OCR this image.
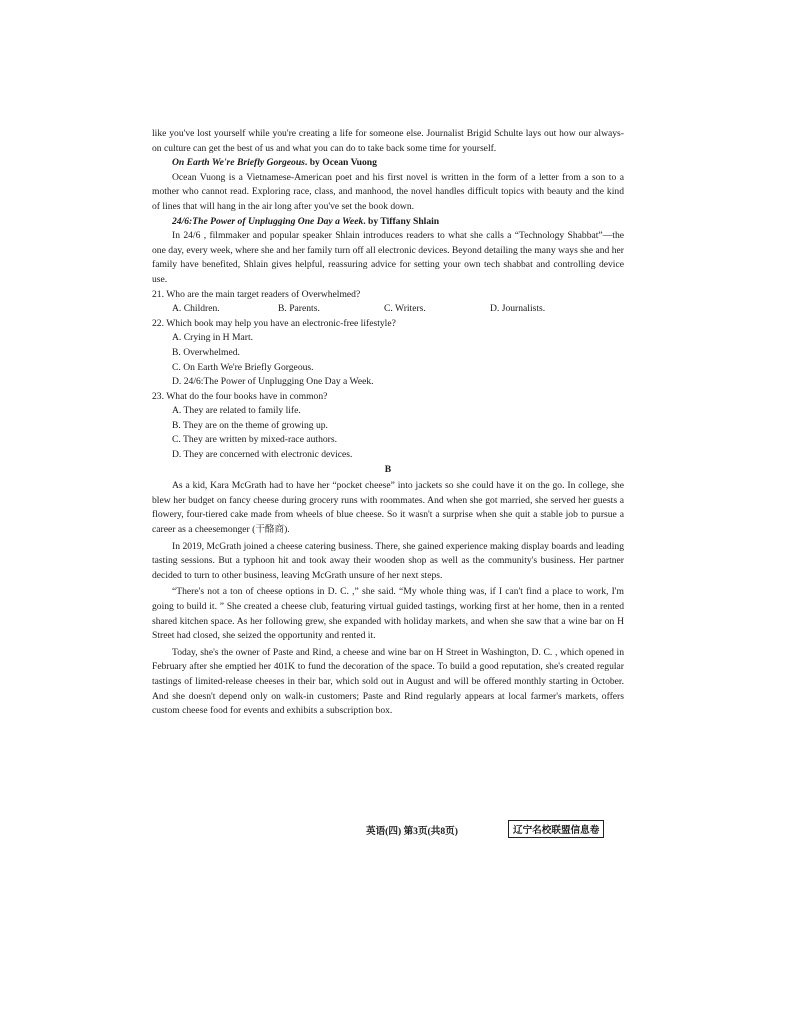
like you've lost yourself while you're creating a life for someone else. Journalist Brigid Schulte lays out how our always-on culture can get the best of us and what you can do to take back some time for yourself.

On Earth We're Briefly Gorgeous. by Ocean Vuong

Ocean Vuong is a Vietnamese-American poet and his first novel is written in the form of a letter from a son to a mother who cannot read. Exploring race, class, and manhood, the novel handles difficult topics with beauty and the kind of lines that will hang in the air long after you've set the book down.

24/6:The Power of Unplugging One Day a Week. by Tiffany Shlain

In 24/6 , filmmaker and popular speaker Shlain introduces readers to what she calls a “Technology Shabbat”—the one day, every week, where she and her family turn off all electronic devices. Beyond detailing the many ways she and her family have benefited, Shlain gives helpful, reassuring advice for setting your own tech shabbat and controlling device use.

21. Who are the main target readers of Overwhelmed?

A. Children.	B. Parents.	C. Writers.	D. Journalists.

22. Which book may help you have an electronic-free lifestyle?

A. Crying in H Mart.

B. Overwhelmed.

C. On Earth We're Briefly Gorgeous.

D. 24/6:The Power of Unplugging One Day a Week.

23. What do the four books have in common?

A. They are related to family life.

B. They are on the theme of growing up.

C. They are written by mixed-race authors.

D. They are concerned with electronic devices.

B

As a kid, Kara McGrath had to have her “pocket cheese” into jackets so she could have it on the go. In college, she blew her budget on fancy cheese during grocery runs with roommates. And when she got married, she served her guests a flowery, four-tiered cake made from wheels of blue cheese. So it wasn't a surprise when she quit a stable job to pursue a career as a cheesemonger (干酪商).

In 2019, McGrath joined a cheese catering business. There, she gained experience making display boards and leading tasting sessions. But a typhoon hit and took away their wooden shop as well as the community's business. Her partner decided to turn to other business, leaving McGrath unsure of her next steps.

“There's not a ton of cheese options in D. C. ,” she said. “My whole thing was, if I can't find a place to work, I'm going to build it. ” She created a cheese club, featuring virtual guided tastings, working first at her home, then in a rented shared kitchen space. As her following grew, she expanded with holiday markets, and when she saw that a wine bar on H Street had closed, she seized the opportunity and rented it.

Today, she's the owner of Paste and Rind, a cheese and wine bar on H Street in Washington, D. C. , which opened in February after she emptied her 401K to fund the decoration of the space. To build a good reputation, she's created regular tastings of limited-release cheeses in their bar, which sold out in August and will be offered monthly starting in October. And she doesn't depend only on walk-in customers; Paste and Rind regularly appears at local farmer's markets, offers custom cheese food for events and exhibits a subscription box.

英语(四) 第3页(共8页)	辽宁名校联盟信息卷
